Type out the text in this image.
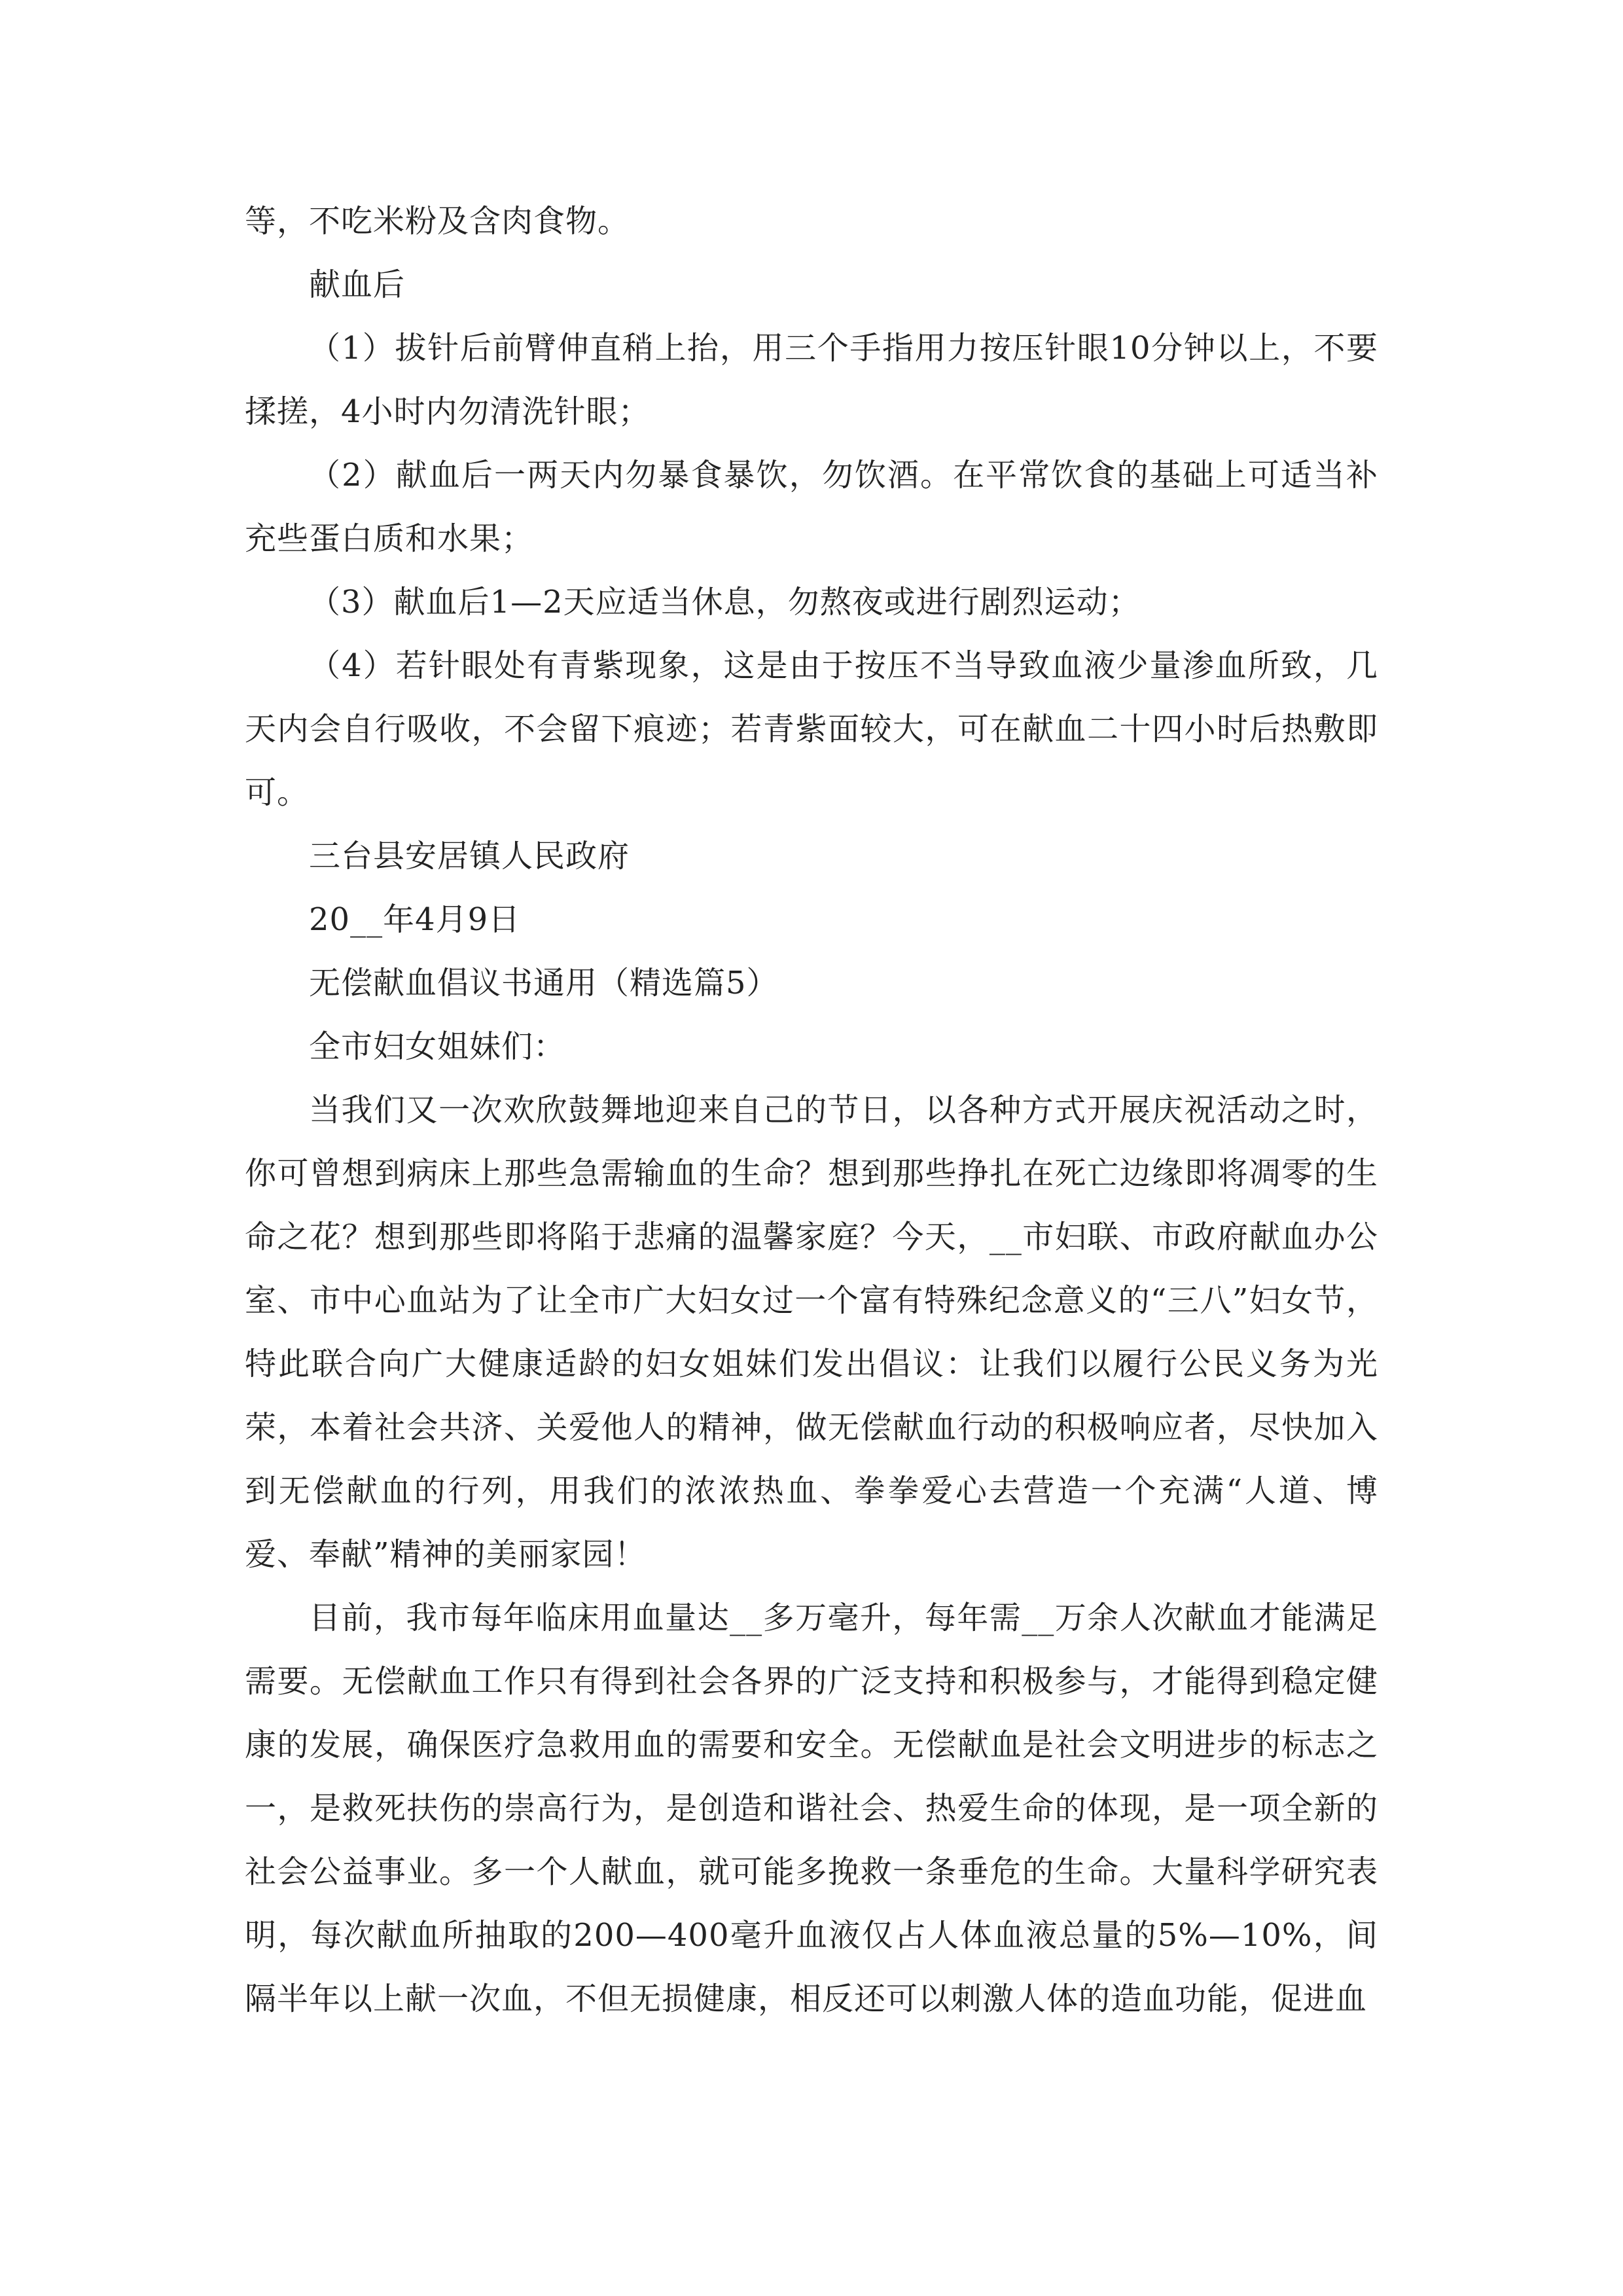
等，不吃米粉及含肉食物。

献血后

（1）拔针后前臂伸直稍上抬，用三个手指用力按压针眼10分钟以上，不要揉搓，4小时内勿清洗针眼；

（2）献血后一两天内勿暴食暴饮，勿饮酒。在平常饮食的基础上可适当补充些蛋白质和水果；

（3）献血后1—2天应适当休息，勿熬夜或进行剧烈运动；

（4）若针眼处有青紫现象，这是由于按压不当导致血液少量渗血所致，几天内会自行吸收，不会留下痕迹；若青紫面较大，可在献血二十四小时后热敷即可。

三台县安居镇人民政府

20__年4月9日

无偿献血倡议书通用（精选篇5）

全市妇女姐妹们：

当我们又一次欢欣鼓舞地迎来自己的节日，以各种方式开展庆祝活动之时，你可曾想到病床上那些急需输血的生命？想到那些挣扎在死亡边缘即将凋零的生命之花？想到那些即将陷于悲痛的温馨家庭？今天，__市妇联、市政府献血办公室、市中心血站为了让全市广大妇女过一个富有特殊纪念意义的“三八”妇女节，特此联合向广大健康适龄的妇女姐妹们发出倡议：让我们以履行公民义务为光荣，本着社会共济、关爱他人的精神，做无偿献血行动的积极响应者，尽快加入到无偿献血的行列，用我们的浓浓热血、拳拳爱心去营造一个充满“人道、博爱、奉献”精神的美丽家园！

目前，我市每年临床用血量达__多万毫升，每年需__万余人次献血才能满足需要。无偿献血工作只有得到社会各界的广泛支持和积极参与，才能得到稳定健康的发展，确保医疗急救用血的需要和安全。无偿献血是社会文明进步的标志之一，是救死扶伤的崇高行为，是创造和谐社会、热爱生命的体现，是一项全新的社会公益事业。多一个人献血，就可能多挽救一条垂危的生命。大量科学研究表明，每次献血所抽取的200—400毫升血液仅占人体血液总量的5%—10%，间隔半年以上献一次血，不但无损健康，相反还可以刺激人体的造血功能，促进血
